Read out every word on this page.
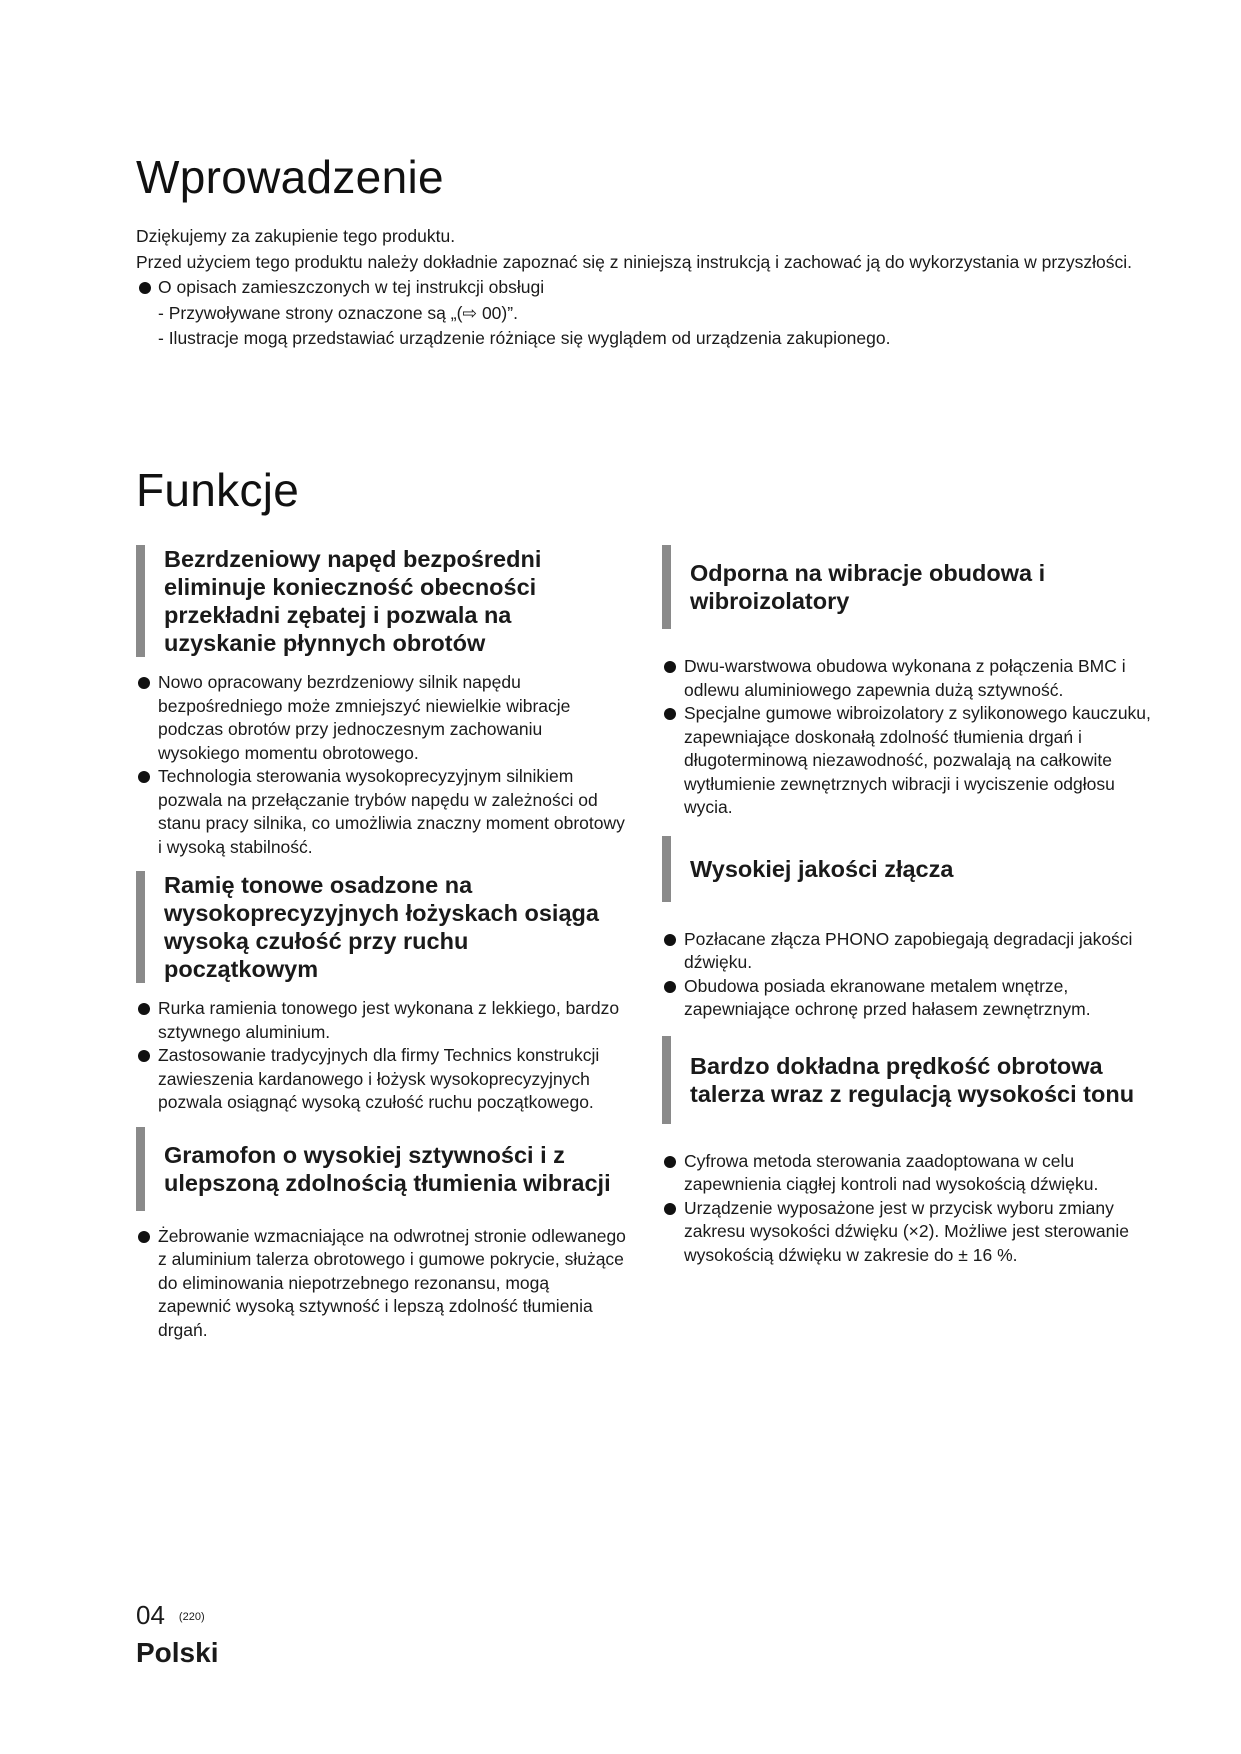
Wprowadzenie

Dziękujemy za zakupienie tego produktu.

Przed użyciem tego produktu należy dokładnie zapoznać się z niniejszą instrukcją i zachować ją do wykorzystania w przyszłości.

O opisach zamieszczonych w tej instrukcji obsługi

- Przywoływane strony oznaczone są „(⇨ 00)”.

- Ilustracje mogą przedstawiać urządzenie różniące się wyglądem od urządzenia zakupionego.

Funkcje
Bezrdzeniowy napęd bezpośredni eliminuje konieczność obecności przekładni zębatej i pozwala na uzyskanie płynnych obrotów
Nowo opracowany bezrdzeniowy silnik napędu bezpośredniego może zmniejszyć niewielkie wibracje podczas obrotów przy jednoczesnym zachowaniu wysokiego momentu obrotowego.
Technologia sterowania wysokoprecyzyjnym silnikiem pozwala na przełączanie trybów napędu w zależności od stanu pracy silnika, co umożliwia znaczny moment obrotowy i wysoką stabilność.
Ramię tonowe osadzone na wysokoprecyzyjnych łożyskach osiąga wysoką czułość przy ruchu początkowym
Rurka ramienia tonowego jest wykonana z lekkiego, bardzo sztywnego aluminium.
Zastosowanie tradycyjnych dla firmy Technics konstrukcji zawieszenia kardanowego i łożysk wysokoprecyzyjnych pozwala osiągnąć wysoką czułość ruchu początkowego.
Gramofon o wysokiej sztywności i z ulepszoną zdolnością tłumienia wibracji
Żebrowanie wzmacniające na odwrotnej stronie odlewanego z aluminium talerza obrotowego i gumowe pokrycie, służące do eliminowania niepotrzebnego rezonansu, mogą zapewnić wysoką sztywność i lepszą zdolność tłumienia drgań.
Odporna na wibracje obudowa i wibroizolatory
Dwu-warstwowa obudowa wykonana z połączenia BMC i odlewu aluminiowego zapewnia dużą sztywność.
Specjalne gumowe wibroizolatory z sylikonowego kauczuku, zapewniające doskonałą zdolność tłumienia drgań i długoterminową niezawodność, pozwalają na całkowite wytłumienie zewnętrznych wibracji i wyciszenie odgłosu wycia.
Wysokiej jakości złącza
Pozłacane złącza PHONO zapobiegają degradacji jakości dźwięku.
Obudowa posiada ekranowane metalem wnętrze, zapewniające ochronę przed hałasem zewnętrznym.
Bardzo dokładna prędkość obrotowa talerza wraz z regulacją wysokości tonu
Cyfrowa metoda sterowania zaadoptowana w celu zapewnienia ciągłej kontroli nad wysokością dźwięku.
Urządzenie wyposażone jest w przycisk wyboru zmiany zakresu wysokości dźwięku (×2). Możliwe jest sterowanie wysokością dźwięku w zakresie do ± 16 %.
04 (220)
Polski
